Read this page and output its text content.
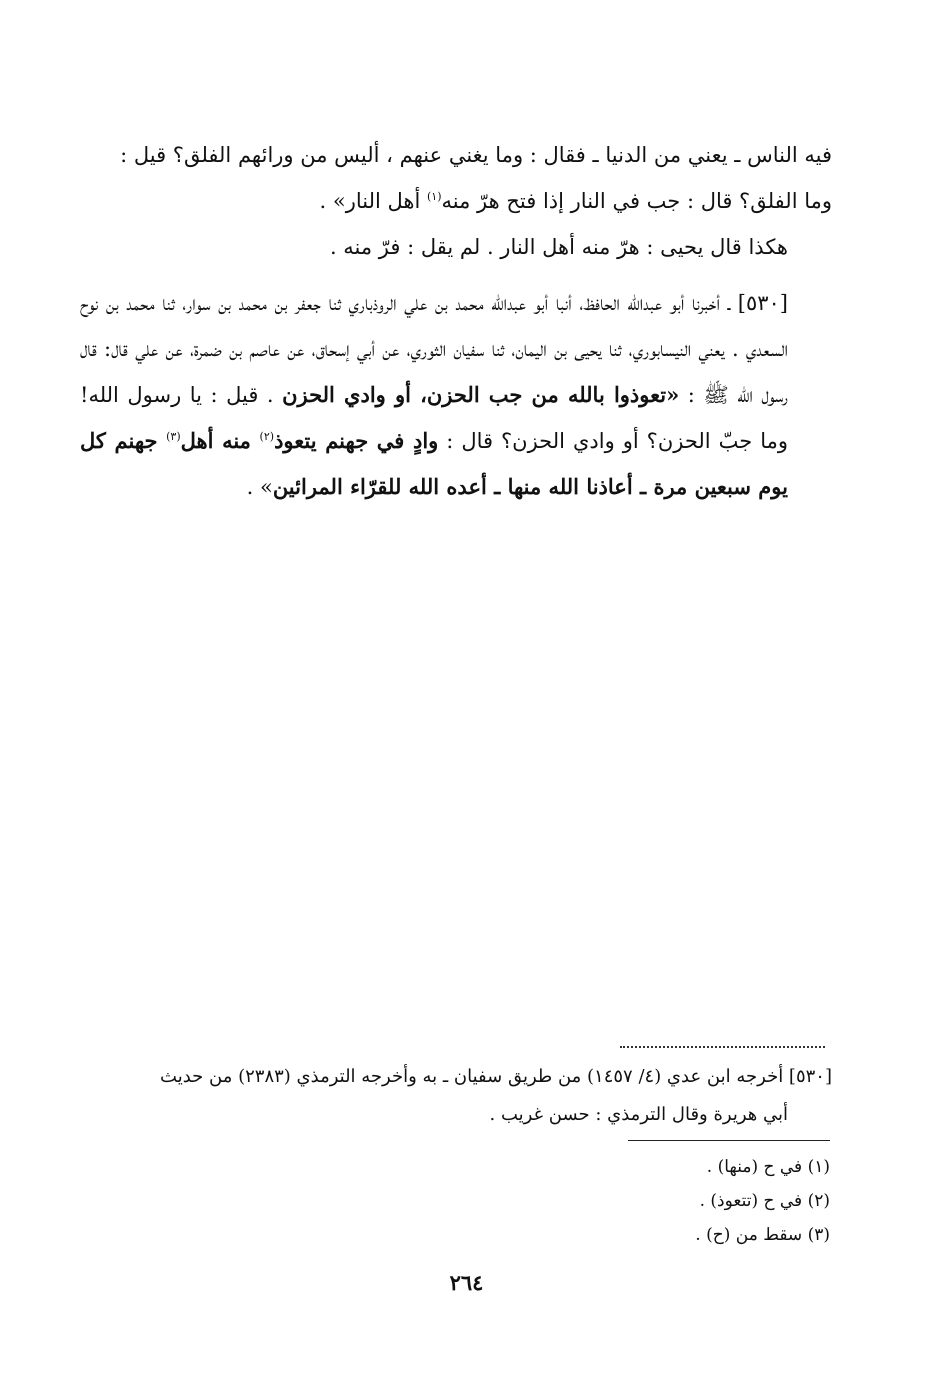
فيه الناس ـ يعني من الدنيا ـ فقال : وما يغني عنهم ، أليس من ورائهم الفلق؟ قيل :
وما الفلق؟ قال : جب في النار إذا فتح هرّ منه$^{(١)}$ أهل النار» .

هكذا قال يحيى : هرّ منه أهل النار . لم يقل : فرّ منه .

[٥٣٠] ـ أخبرنا أبو عبدالله الحافظ، أنبا أبو عبدالله محمد بن علي الروذباري ثنا جعفر بن محمد بن سوار، ثنا محمد بن نوح السعدي . يعني النيسابوري، ثنا يحيى بن اليمان، ثنا سفيان الثوري، عن أبي إسحاق، عن عاصم بن ضمرة، عن علي قال: قال رسول الله ﷺ : «تعوذوا بالله من جب الحزن، أو وادي الحزن . قيل : يا رسول الله! وما جبّ الحزن؟ أو وادي الحزن؟ قال : وادٍ في جهنم يتعوذ$^{(٢)}$ منه أهل$^{(٣)}$ جهنم كل يوم سبعين مرة ـ أعاذنا الله منها ـ أعده الله للقرّاء المرائين» .

[٥٣٠] أخرجه ابن عدي (٤/ ١٤٥٧) من طريق سفيان ـ به وأخرجه الترمذي (٢٣٨٣) من حديث

أبي هريرة وقال الترمذي : حسن غريب .

(١) في ح (منها) .

(٢) في ح (تتعوذ) .

(٣) سقط من (ح) .

٢٦٤
